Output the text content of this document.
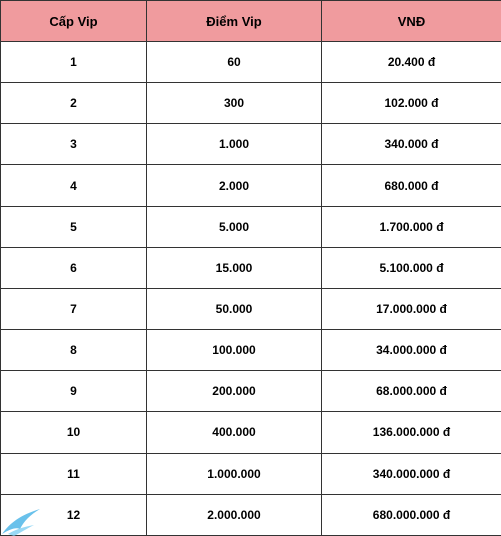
Cấp Vip	Điểm Vip	VNĐ
1	60	20.400 đ
2	300	102.000 đ
3	1.000	340.000 đ
4	2.000	680.000 đ
5	5.000	1.700.000 đ
6	15.000	5.100.000 đ
7	50.000	17.000.000 đ
8	100.000	34.000.000 đ
9	200.000	68.000.000 đ
10	400.000	136.000.000 đ
11	1.000.000	340.000.000 đ
12	2.000.000	680.000.000 đ
